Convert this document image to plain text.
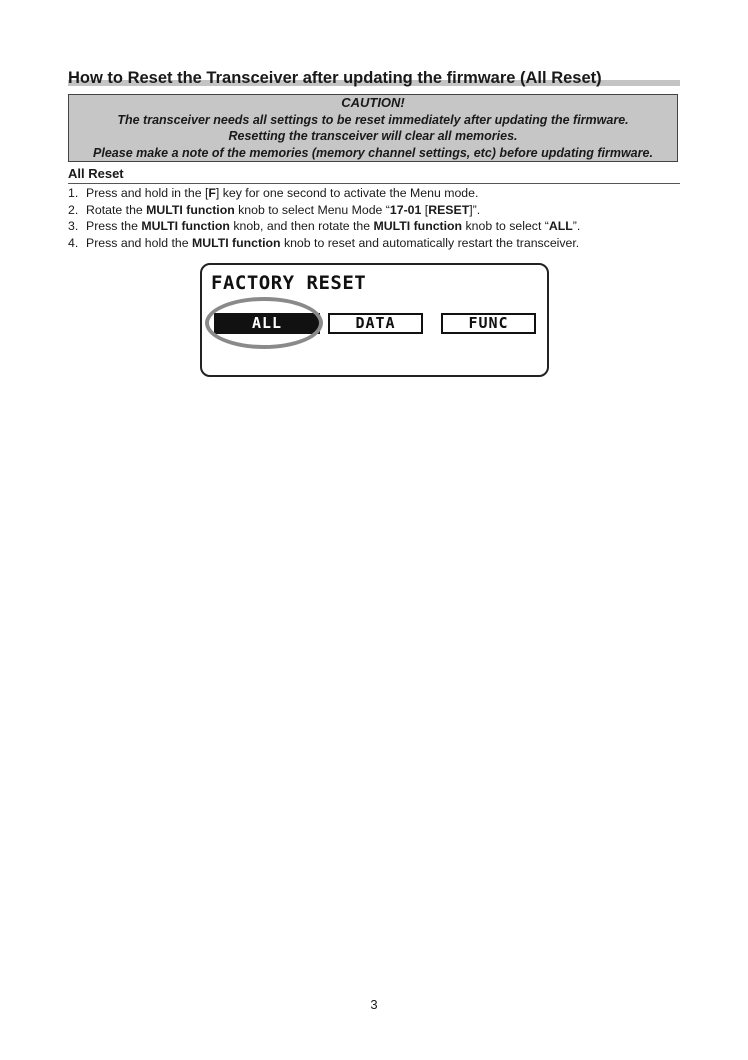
How to Reset the Transceiver after updating the firmware (All Reset)
CAUTION!
The transceiver needs all settings to be reset immediately after updating the firmware.
Resetting the transceiver will clear all memories.
Please make a note of the memories (memory channel settings, etc) before updating firmware.
All Reset
1. Press and hold in the [F] key for one second to activate the Menu mode.
2. Rotate the MULTI function knob to select Menu Mode “17-01 [RESET]”.
3. Press the MULTI function knob, and then rotate the MULTI function knob to select “ALL”.
4. Press and hold the MULTI function knob to reset and automatically restart the transceiver.
FACTORY RESET
ALL	DATA	FUNC
3
